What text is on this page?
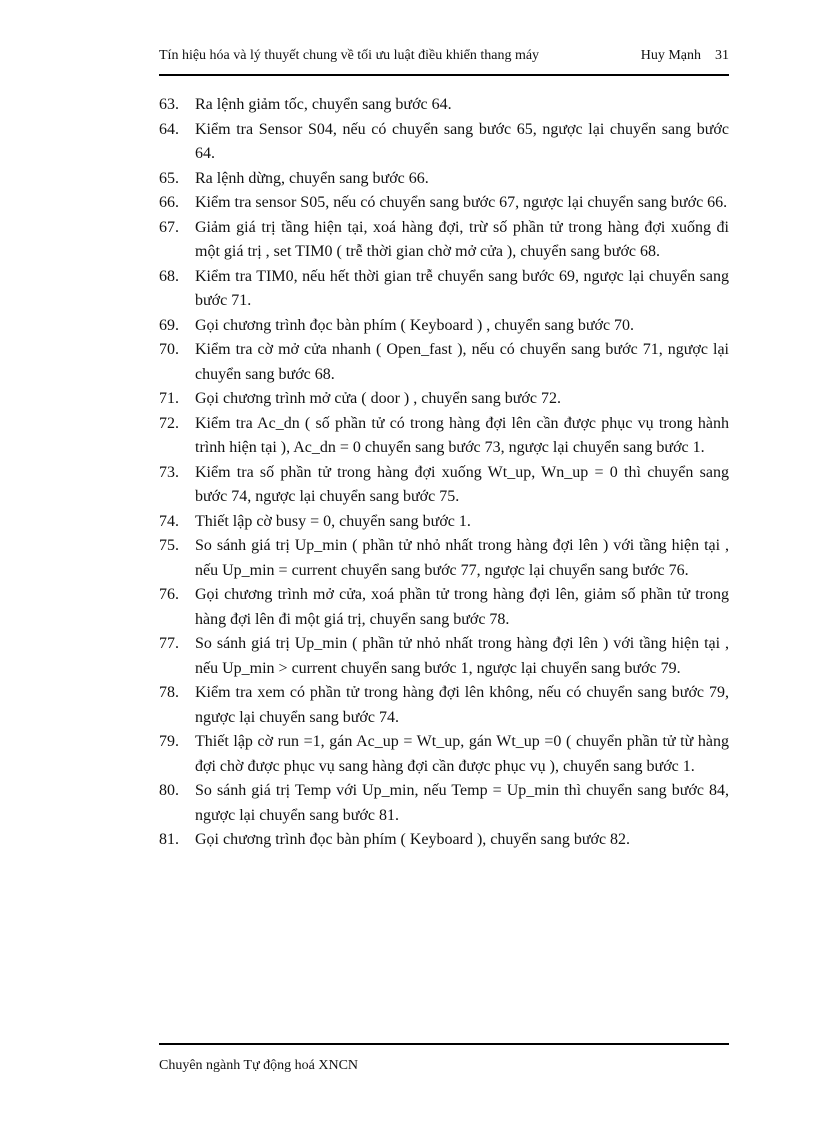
Tín hiệu hóa và lý thuyết chung về tối ưu luật điều khiển thang máy	Huy Mạnh 31
63.	Ra lệnh giảm tốc, chuyển sang bước 64.
64.	Kiểm tra Sensor S04, nếu có chuyển sang bước 65, ngược lại chuyển sang bước 64.
65.	Ra lệnh dừng, chuyển sang bước 66.
66.	Kiểm tra sensor S05, nếu có chuyển sang bước 67, ngược lại chuyển sang bước 66.
67.	Giảm giá trị tầng hiện tại, xoá hàng đợi, trừ số phần tử trong hàng đợi xuống đi một giá trị , set TIM0 ( trễ thời gian chờ mở cửa ), chuyển sang bước 68.
68.	Kiểm tra TIM0, nếu hết thời gian trễ chuyển sang bước 69, ngược lại chuyển sang bước 71.
69.	Gọi chương trình đọc bàn phím ( Keyboard ) , chuyển sang bước 70.
70.	Kiểm tra cờ mở cửa nhanh ( Open_fast ), nếu có chuyển sang bước 71, ngược lại chuyển sang bước 68.
71.	Gọi chương trình mở cửa ( door ) , chuyển sang bước 72.
72.	Kiểm tra Ac_dn ( số phần tử có trong hàng đợi lên cần được phục vụ trong hành trình hiện tại ), Ac_dn = 0 chuyển sang bước 73, ngược lại chuyển sang bước 1.
73.	Kiểm tra số phần tử trong hàng đợi xuống Wt_up, Wn_up = 0 thì chuyển sang bước 74, ngược lại chuyển sang bước 75.
74.	Thiết lập cờ busy = 0, chuyển sang bước 1.
75.	So sánh giá trị Up_min ( phần tử nhỏ nhất trong hàng đợi lên ) với tầng hiện tại , nếu Up_min = current chuyển sang bước 77, ngược lại chuyển sang bước 76.
76.	Gọi chương trình mở cửa, xoá phần tử trong hàng đợi lên, giảm số phần tử trong hàng đợi lên đi một giá trị, chuyển sang bước 78.
77.	So sánh giá trị Up_min ( phần tử nhỏ nhất trong hàng đợi lên ) với tầng hiện tại , nếu Up_min > current chuyển sang bước 1, ngược lại chuyển sang bước 79.
78.	Kiểm tra xem có phần tử trong hàng đợi lên không, nếu có chuyển sang bước 79, ngược lại chuyển sang bước 74.
79.	Thiết lập cờ run =1, gán Ac_up = Wt_up, gán Wt_up =0 ( chuyển phần tử từ hàng đợi chờ được phục vụ sang hàng đợi cần được phục vụ ), chuyển sang bước 1.
80.	So sánh giá trị Temp với Up_min, nếu Temp = Up_min thì chuyển sang bước 84, ngược lại chuyển sang bước 81.
81.	Gọi chương trình đọc bàn phím ( Keyboard ), chuyển sang bước 82.
Chuyên ngành Tự động hoá XNCN
